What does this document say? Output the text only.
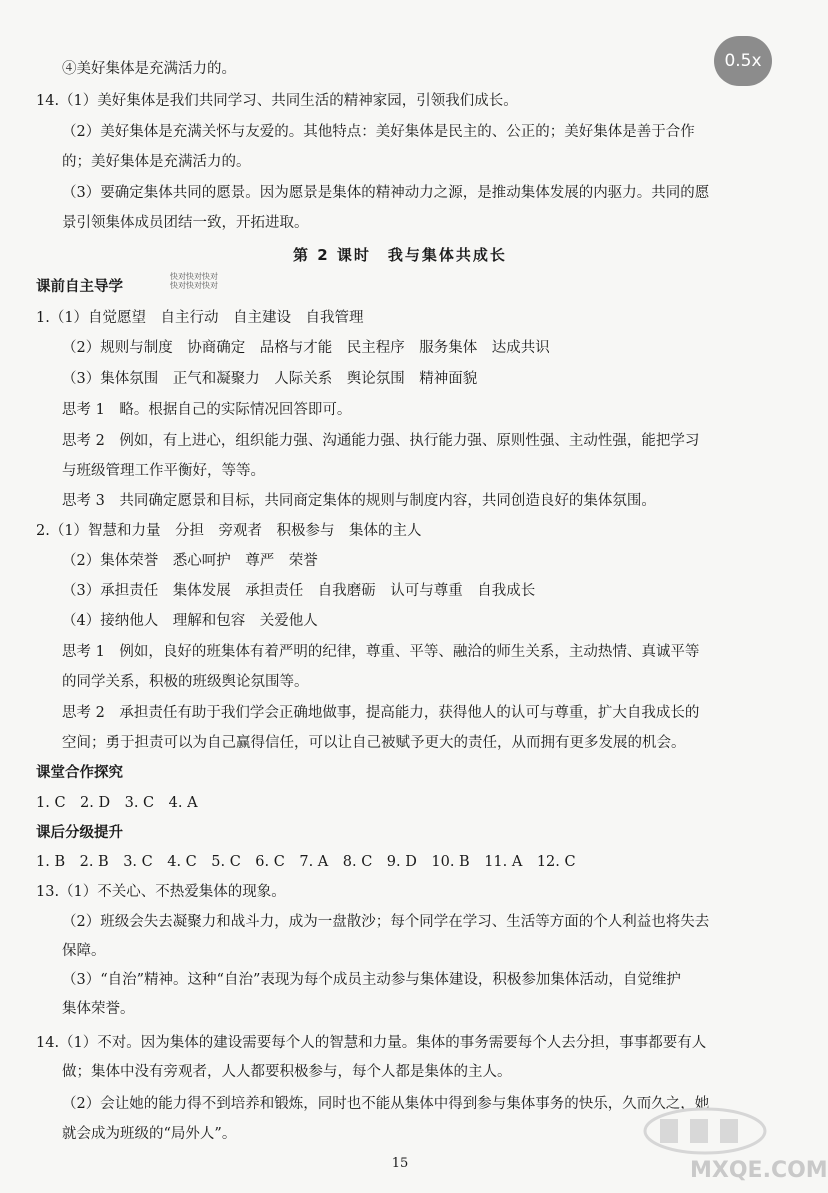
0.5x
④美好集体是充满活力的。
14.（1）美好集体是我们共同学习、共同生活的精神家园，引领我们成长。
（2）美好集体是充满关怀与友爱的。其他特点：美好集体是民主的、公正的；美好集体是善于合作
的；美好集体是充满活力的。
（3）要确定集体共同的愿景。因为愿景是集体的精神动力之源，是推动集体发展的内驱力。共同的愿
景引领集体成员团结一致，开拓进取。
第 2 课时　我与集体共成长
快对快对快对
快对快对快对
课前自主导学
1.（1）自觉愿望　自主行动　自主建设　自我管理
（2）规则与制度　协商确定　品格与才能　民主程序　服务集体　达成共识
（3）集体氛围　正气和凝聚力　人际关系　舆论氛围　精神面貌
思考 1　略。根据自己的实际情况回答即可。
思考 2　例如，有上进心，组织能力强、沟通能力强、执行能力强、原则性强、主动性强，能把学习
与班级管理工作平衡好，等等。
思考 3　共同确定愿景和目标，共同商定集体的规则与制度内容，共同创造良好的集体氛围。
2.（1）智慧和力量　分担　旁观者　积极参与　集体的主人
（2）集体荣誉　悉心呵护　尊严　荣誉
（3）承担责任　集体发展　承担责任　自我磨砺　认可与尊重　自我成长
（4）接纳他人　理解和包容　关爱他人
思考 1　例如，良好的班集体有着严明的纪律，尊重、平等、融洽的师生关系，主动热情、真诚平等
的同学关系，积极的班级舆论氛围等。
思考 2　承担责任有助于我们学会正确地做事，提高能力，获得他人的认可与尊重，扩大自我成长的
空间；勇于担责可以为自己赢得信任，可以让自己被赋予更大的责任，从而拥有更多发展的机会。
课堂合作探究
1. C　2. D　3. C　4. A
课后分级提升
1. B　2. B　3. C　4. C　5. C　6. C　7. A　8. C　9. D　10. B　11. A　12. C
13.（1）不关心、不热爱集体的现象。
（2）班级会失去凝聚力和战斗力，成为一盘散沙；每个同学在学习、生活等方面的个人利益也将失去
保障。
（3）“自治”精神。这种“自治”表现为每个成员主动参与集体建设，积极参加集体活动，自觉维护
集体荣誉。
14.（1）不对。因为集体的建设需要每个人的智慧和力量。集体的事务需要每个人去分担，事事都要有人
做；集体中没有旁观者，人人都要积极参与，每个人都是集体的主人。
（2）会让她的能力得不到培养和锻炼，同时也不能从集体中得到参与集体事务的快乐，久而久之，她
就会成为班级的“局外人”。
15	MXQE.COM
